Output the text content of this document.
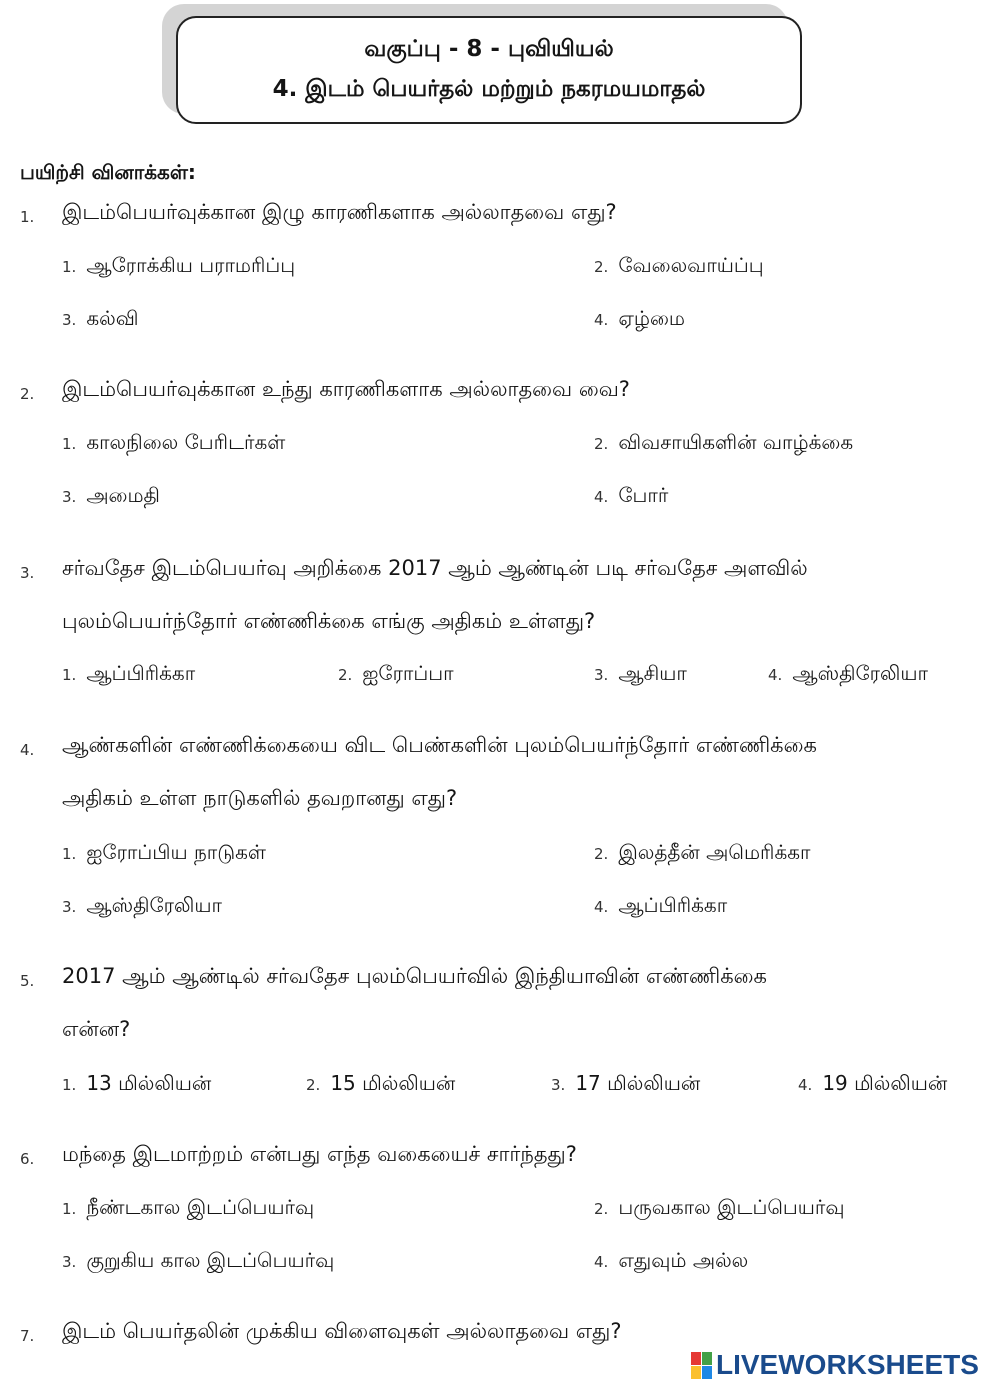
வகுப்பு - 8 - புவியியல்
4. இடம் பெயர்தல் மற்றும் நகரமயமாதல்
பயிற்சி வினாக்கள்:
1. இடம்பெயர்வுக்கான இழு காரணிகளாக அல்லாதவை எது?
1. ஆரோக்கிய பராமரிப்பு	2. வேலைவாய்ப்பு
3. கல்வி	4. ஏழ்மை
2. இடம்பெயர்வுக்கான உந்து காரணிகளாக அல்லாதவை வை?
1. காலநிலை பேரிடர்கள்	2. விவசாயிகளின் வாழ்க்கை
3. அமைதி	4. போர்
3. சர்வதேச இடம்பெயர்வு அறிக்கை 2017 ஆம் ஆண்டின் படி சர்வதேச அளவில்
புலம்பெயர்ந்தோர் எண்ணிக்கை எங்கு அதிகம் உள்ளது?
1. ஆப்பிரிக்கா	2. ஐரோப்பா	3. ஆசியா	4. ஆஸ்திரேலியா
4. ஆண்களின் எண்ணிக்கையை விட பெண்களின் புலம்பெயர்ந்தோர் எண்ணிக்கை
அதிகம் உள்ள நாடுகளில் தவறானது எது?
1. ஐரோப்பிய நாடுகள்	2. இலத்தீன் அமெரிக்கா
3. ஆஸ்திரேலியா	4. ஆப்பிரிக்கா
5. 2017 ஆம் ஆண்டில் சர்வதேச புலம்பெயர்வில் இந்தியாவின் எண்ணிக்கை
என்ன?
1. 13 மில்லியன்	2. 15 மில்லியன்	3. 17 மில்லியன்	4. 19 மில்லியன்
6. மந்தை இடமாற்றம் என்பது எந்த வகையைச் சார்ந்தது?
1. நீண்டகால இடப்பெயர்வு	2. பருவகால இடப்பெயர்வு
3. குறுகிய கால இடப்பெயர்வு	4. எதுவும் அல்ல
7. இடம் பெயர்தலின் முக்கிய விளைவுகள் அல்லாதவை எது?
LIVEWORKSHEETS
